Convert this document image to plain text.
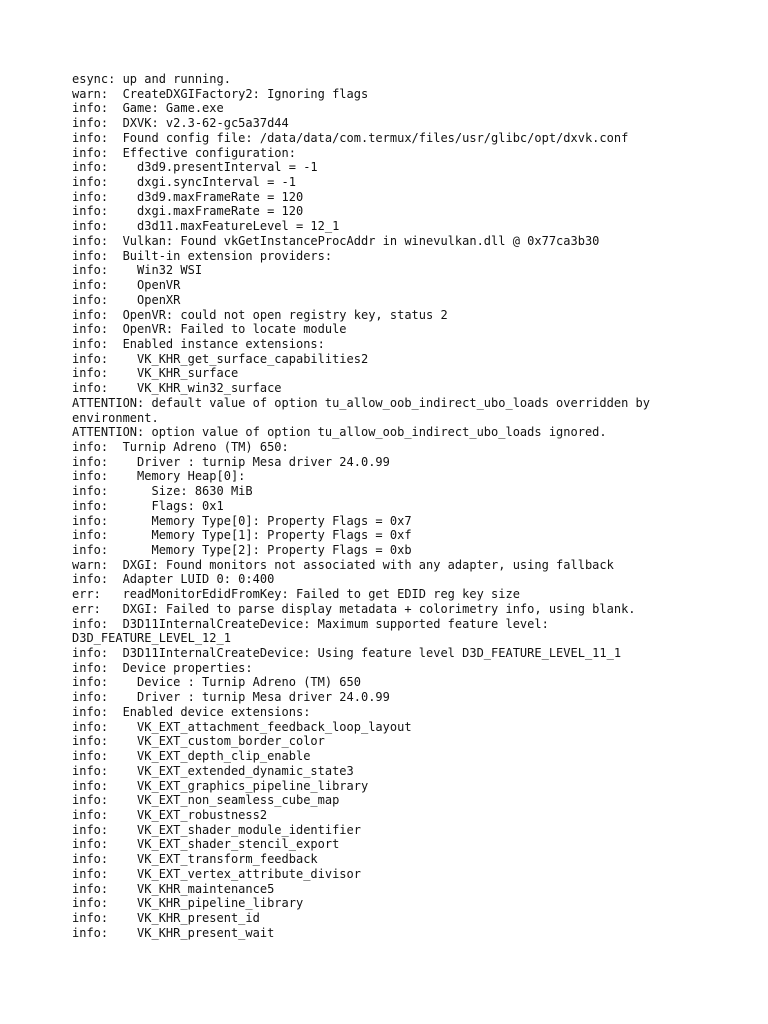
esync: up and running.
warn:  CreateDXGIFactory2: Ignoring flags
info:  Game: Game.exe
info:  DXVK: v2.3-62-gc5a37d44
info:  Found config file: /data/data/com.termux/files/usr/glibc/opt/dxvk.conf
info:  Effective configuration:
info:    d3d9.presentInterval = -1
info:    dxgi.syncInterval = -1
info:    d3d9.maxFrameRate = 120
info:    dxgi.maxFrameRate = 120
info:    d3d11.maxFeatureLevel = 12_1
info:  Vulkan: Found vkGetInstanceProcAddr in winevulkan.dll @ 0x77ca3b30
info:  Built-in extension providers:
info:    Win32 WSI
info:    OpenVR
info:    OpenXR
info:  OpenVR: could not open registry key, status 2
info:  OpenVR: Failed to locate module
info:  Enabled instance extensions:
info:    VK_KHR_get_surface_capabilities2
info:    VK_KHR_surface
info:    VK_KHR_win32_surface
ATTENTION: default value of option tu_allow_oob_indirect_ubo_loads overridden by
environment.
ATTENTION: option value of option tu_allow_oob_indirect_ubo_loads ignored.
info:  Turnip Adreno (TM) 650:
info:    Driver : turnip Mesa driver 24.0.99
info:    Memory Heap[0]:
info:      Size: 8630 MiB
info:      Flags: 0x1
info:      Memory Type[0]: Property Flags = 0x7
info:      Memory Type[1]: Property Flags = 0xf
info:      Memory Type[2]: Property Flags = 0xb
warn:  DXGI: Found monitors not associated with any adapter, using fallback
info:  Adapter LUID 0: 0:400
err:   readMonitorEdidFromKey: Failed to get EDID reg key size
err:   DXGI: Failed to parse display metadata + colorimetry info, using blank.
info:  D3D11InternalCreateDevice: Maximum supported feature level:
D3D_FEATURE_LEVEL_12_1
info:  D3D11InternalCreateDevice: Using feature level D3D_FEATURE_LEVEL_11_1
info:  Device properties:
info:    Device : Turnip Adreno (TM) 650
info:    Driver : turnip Mesa driver 24.0.99
info:  Enabled device extensions:
info:    VK_EXT_attachment_feedback_loop_layout
info:    VK_EXT_custom_border_color
info:    VK_EXT_depth_clip_enable
info:    VK_EXT_extended_dynamic_state3
info:    VK_EXT_graphics_pipeline_library
info:    VK_EXT_non_seamless_cube_map
info:    VK_EXT_robustness2
info:    VK_EXT_shader_module_identifier
info:    VK_EXT_shader_stencil_export
info:    VK_EXT_transform_feedback
info:    VK_EXT_vertex_attribute_divisor
info:    VK_KHR_maintenance5
info:    VK_KHR_pipeline_library
info:    VK_KHR_present_id
info:    VK_KHR_present_wait
